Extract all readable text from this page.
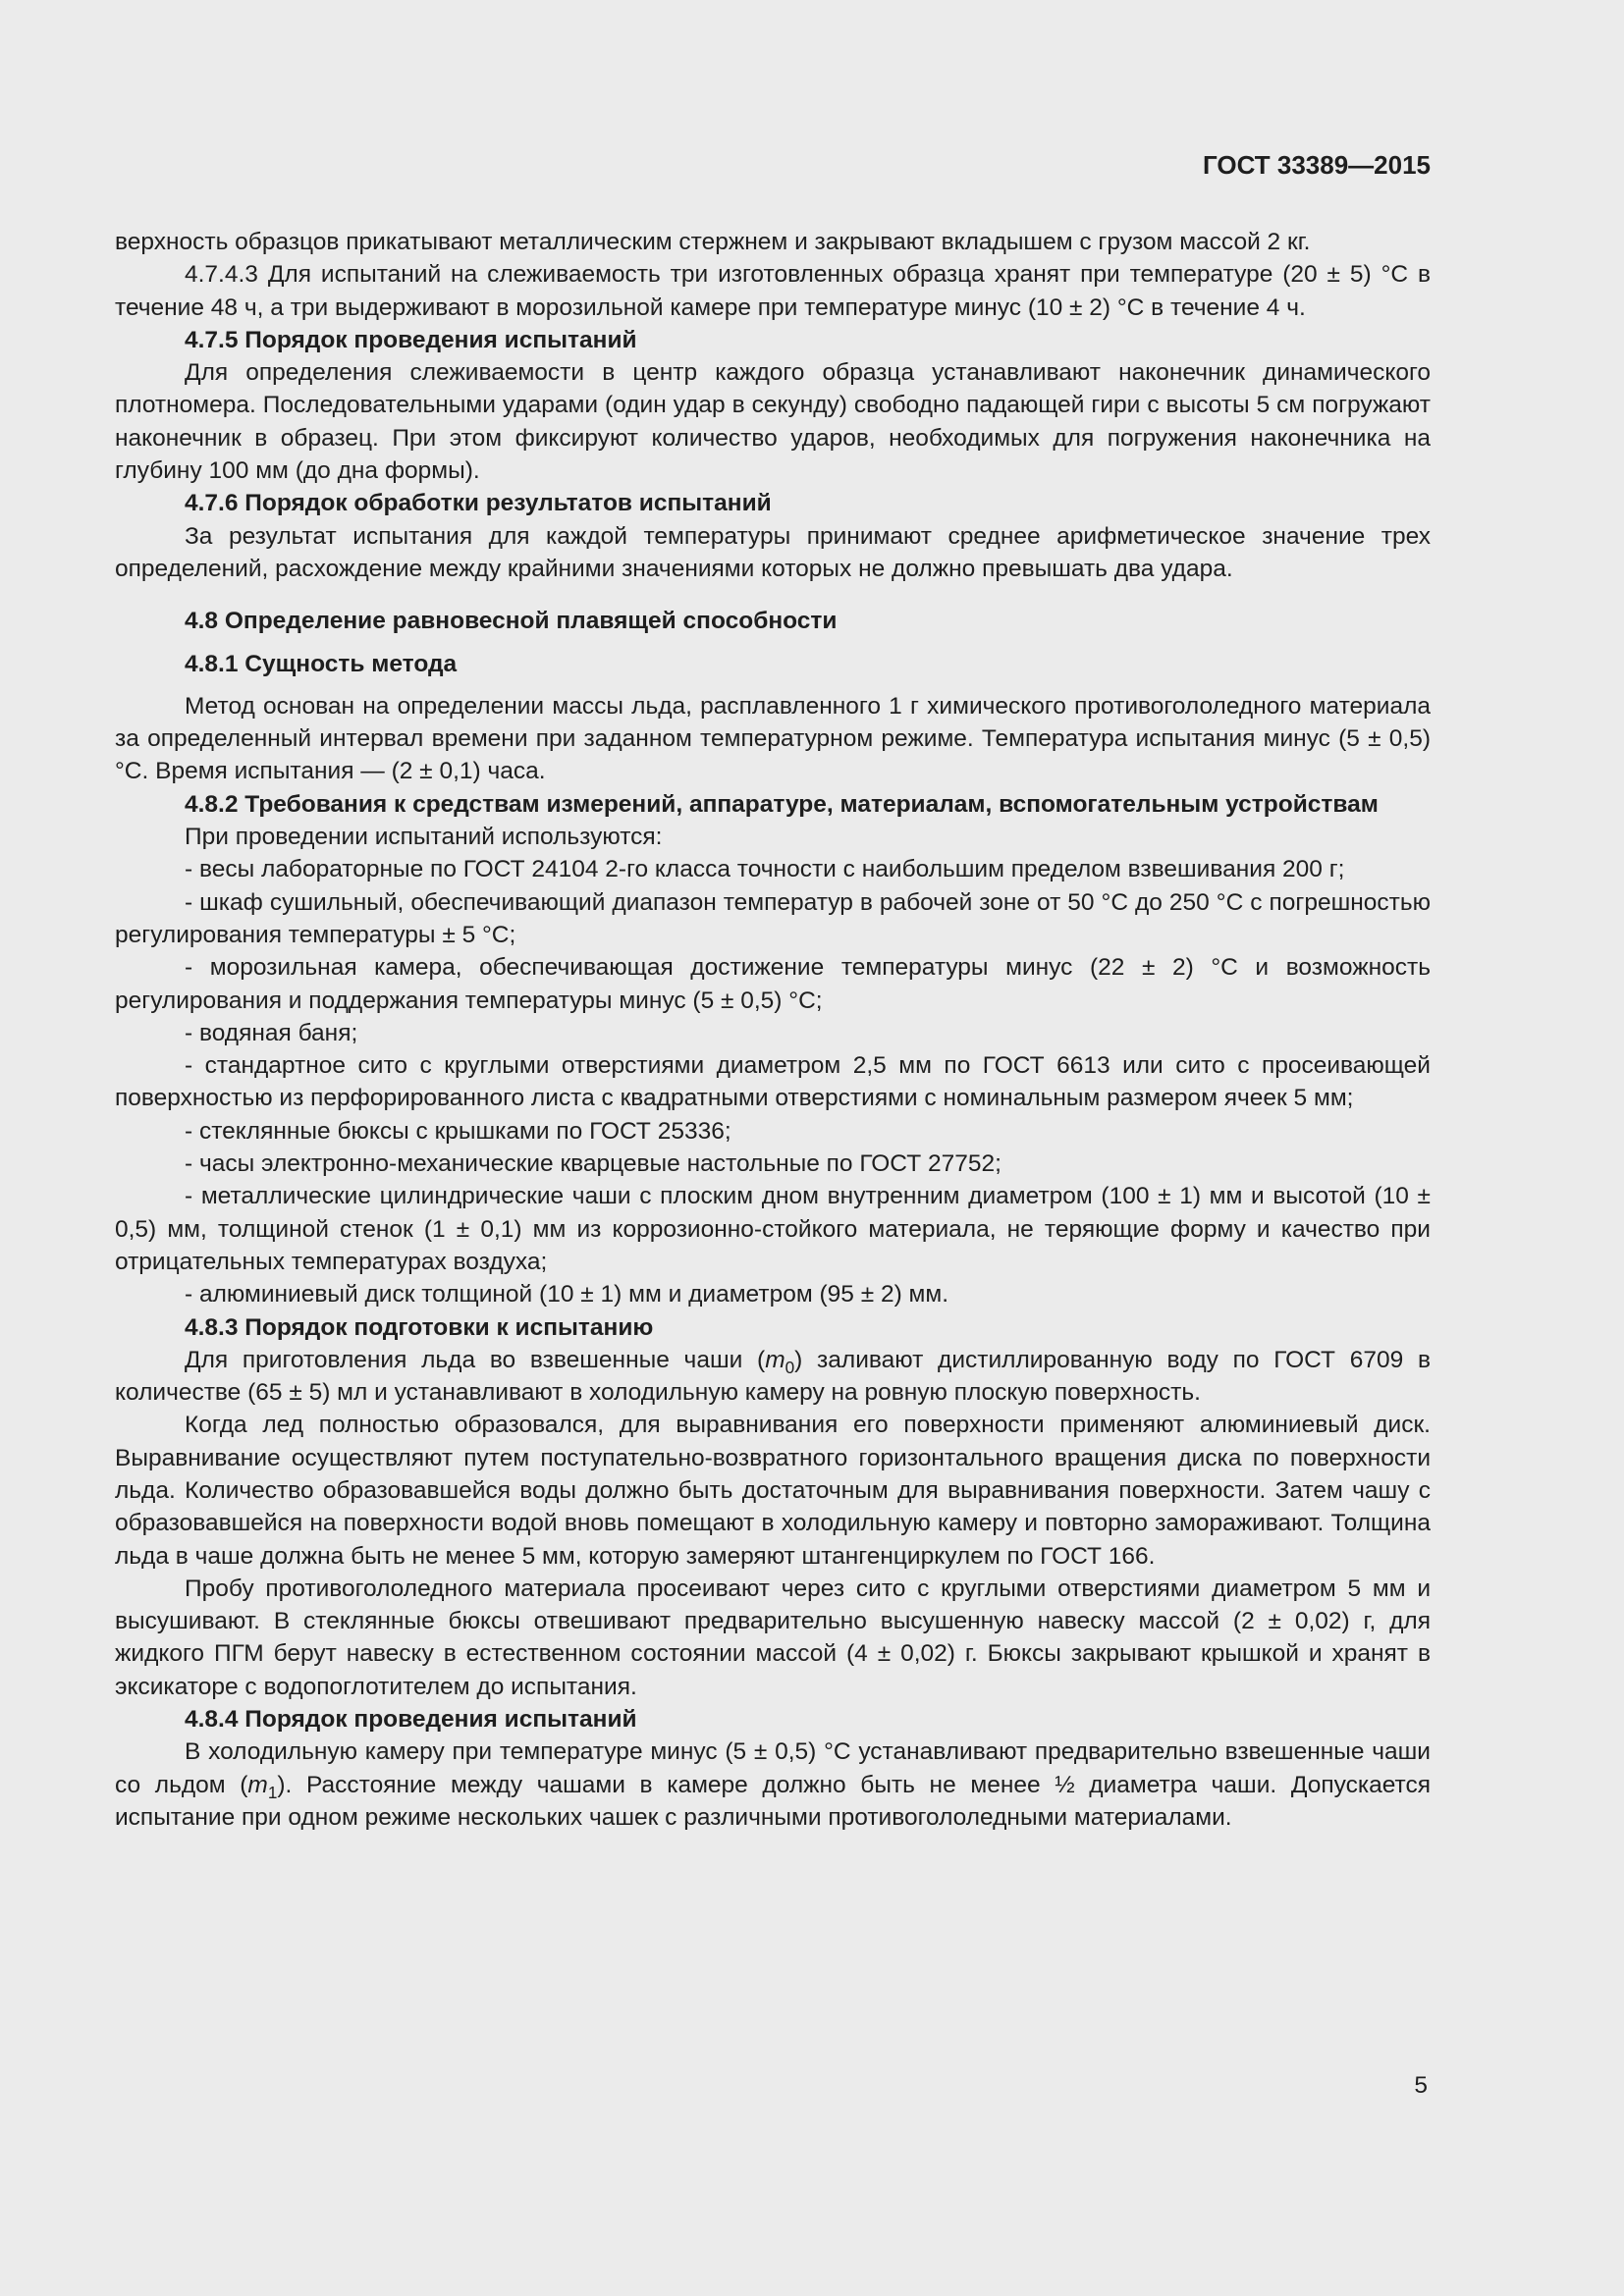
ГОСТ 33389—2015

верхность образцов прикатывают металлическим стержнем и закрывают вкладышем с грузом массой 2 кг.

4.7.4.3 Для испытаний на слеживаемость три изготовленных образца хранят при температуре (20 ± 5) °С в течение 48 ч, а три выдерживают в морозильной камере при температуре минус (10 ± 2) °С в течение 4 ч.

4.7.5 Порядок проведения испытаний

Для определения слеживаемости в центр каждого образца устанавливают наконечник динамического плотномера. Последовательными ударами (один удар в секунду) свободно падающей гири с высоты 5 см погружают наконечник в образец. При этом фиксируют количество ударов, необходимых для погружения наконечника на глубину 100 мм (до дна формы).

4.7.6 Порядок обработки результатов испытаний

За результат испытания для каждой температуры принимают среднее арифметическое значение трех определений, расхождение между крайними значениями которых не должно превышать два удара.

4.8 Определение равновесной плавящей способности

4.8.1 Сущность метода

Метод основан на определении массы льда, расплавленного 1 г химического противогололедного материала за определенный интервал времени при заданном температурном режиме. Температура испытания минус (5 ± 0,5) °С. Время испытания — (2 ± 0,1) часа.

4.8.2 Требования к средствам измерений, аппаратуре, материалам, вспомогательным устройствам

При проведении испытаний используются:

- весы лабораторные по ГОСТ 24104 2-го класса точности с наибольшим пределом взвешивания 200 г;

- шкаф сушильный, обеспечивающий диапазон температур в рабочей зоне от 50 °С до 250 °С с погрешностью регулирования температуры ± 5 °С;

- морозильная камера, обеспечивающая достижение температуры минус (22 ± 2) °С и возможность регулирования и поддержания температуры минус (5 ± 0,5) °С;

- водяная баня;

- стандартное сито с круглыми отверстиями диаметром 2,5 мм по ГОСТ 6613 или сито с просеивающей поверхностью из перфорированного листа с квадратными отверстиями с номинальным размером ячеек 5 мм;

- стеклянные бюксы с крышками по ГОСТ 25336;

- часы электронно-механические кварцевые настольные по ГОСТ 27752;

- металлические цилиндрические чаши с плоским дном внутренним диаметром (100 ± 1) мм и высотой (10 ± 0,5) мм, толщиной стенок (1 ± 0,1) мм из коррозионно-стойкого материала, не теряющие форму и качество при отрицательных температурах воздуха;

- алюминиевый диск толщиной (10 ± 1) мм и диаметром (95 ± 2) мм.

4.8.3 Порядок подготовки к испытанию

Для приготовления льда во взвешенные чаши $(m_0)$ заливают дистиллированную воду по ГОСТ 6709 в количестве (65 ± 5) мл и устанавливают в холодильную камеру на ровную плоскую поверхность.

Когда лед полностью образовался, для выравнивания его поверхности применяют алюминиевый диск. Выравнивание осуществляют путем поступательно-возвратного горизонтального вращения диска по поверхности льда. Количество образовавшейся воды должно быть достаточным для выравнивания поверхности. Затем чашу с образовавшейся на поверхности водой вновь помещают в холодильную камеру и повторно замораживают. Толщина льда в чаше должна быть не менее 5 мм, которую замеряют штангенциркулем по ГОСТ 166.

Пробу противогололедного материала просеивают через сито с круглыми отверстиями диаметром 5 мм и высушивают. В стеклянные бюксы отвешивают предварительно высушенную навеску массой (2 ± 0,02) г, для жидкого ПГМ берут навеску в естественном состоянии массой (4 ± 0,02) г. Бюксы закрывают крышкой и хранят в эксикаторе с водопоглотителем до испытания.

4.8.4 Порядок проведения испытаний

В холодильную камеру при температуре минус (5 ± 0,5) °С устанавливают предварительно взвешенные чаши со льдом $(m_1)$. Расстояние между чашами в камере должно быть не менее ½ диаметра чаши. Допускается испытание при одном режиме нескольких чашек с различными противогололедными материалами.

5
